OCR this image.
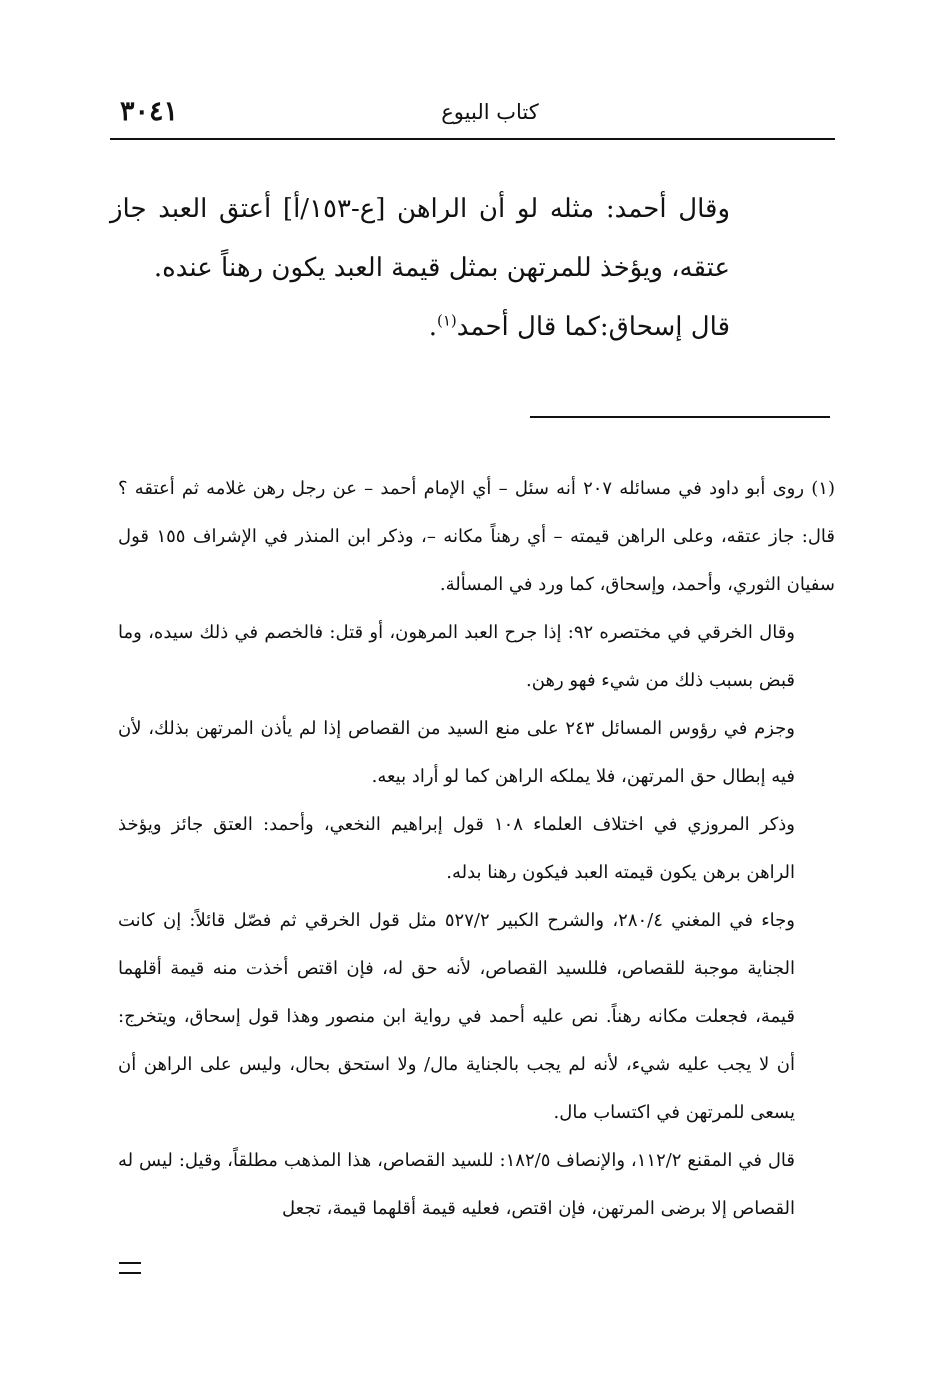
٣٠٤١	كتاب البيوع

وقال أحمد: مثله لو أن الراهن [ع-١٥٣/أ] أعتق العبد جاز عتقه، ويؤخذ للمرتهن بمثل قيمة العبد يكون رهناً عنده.

قال إسحاق:كما قال أحمد$^{(١)}$.

(١) روى أبو داود في مسائله ٢٠٧ أنه سئل – أي الإمام أحمد – عن رجل رهن غلامه ثم أعتقه ؟ قال: جاز عتقه، وعلى الراهن قيمته – أي رهناً مكانه –، وذكر ابن المنذر في الإشراف ١٥٥ قول سفيان الثوري، وأحمد، وإسحاق، كما ورد في المسألة.

وقال الخرقي في مختصره ٩٢: إذا جرح العبد المرهون، أو قتل: فالخصم في ذلك سيده، وما قبض بسبب ذلك من شيء فهو رهن.

وجزم في رؤوس المسائل ٢٤٣ على منع السيد من القصاص إذا لم يأذن المرتهن بذلك، لأن فيه إبطال حق المرتهن، فلا يملكه الراهن كما لو أراد بيعه.

وذكر المروزي في اختلاف العلماء ١٠٨ قول إبراهيم النخعي، وأحمد: العتق جائز ويؤخذ الراهن برهن يكون قيمته العبد فيكون رهنا بدله.

وجاء في المغني ٢٨٠/٤، والشرح الكبير ٥٢٧/٢ مثل قول الخرقي ثم فصّل قائلاً: إن كانت الجناية موجبة للقصاص، فللسيد القصاص، لأنه حق له، فإن اقتص أخذت منه قيمة أقلهما قيمة، فجعلت مكانه رهناً. نص عليه أحمد في رواية ابن منصور وهذا قول إسحاق، ويتخرج: أن لا يجب عليه شيء، لأنه لم يجب بالجناية مال/ ولا استحق بحال، وليس على الراهن أن يسعى للمرتهن في اكتساب مال.

قال في المقنع ١١٢/٢، والإنصاف ١٨٢/٥: للسيد القصاص، هذا المذهب مطلقاً، وقيل: ليس له القصاص إلا برضى المرتهن، فإن اقتص، فعليه قيمة أقلهما قيمة، تجعل
